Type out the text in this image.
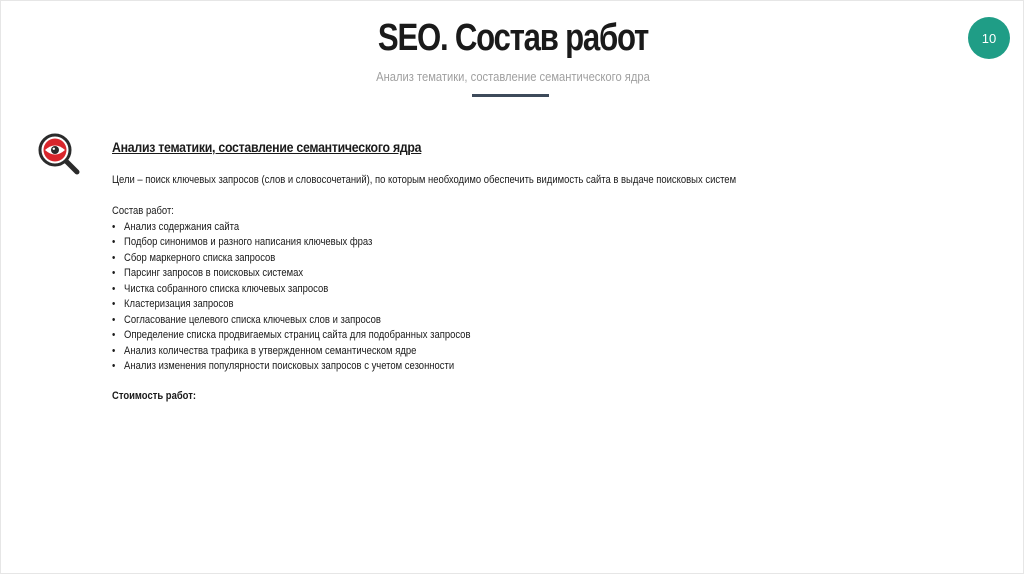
SEO. Состав работ
Анализ тематики, составление семантического ядра
10
Анализ тематики, составление семантического ядра
Цели – поиск ключевых запросов (слов и словосочетаний), по которым необходимо обеспечить видимость сайта в выдаче поисковых систем
Состав работ:
• Анализ содержания сайта
• Подбор синонимов и разного написания ключевых фраз
• Сбор маркерного списка запросов
• Парсинг запросов в поисковых системах
• Чистка собранного списка ключевых запросов
• Кластеризация запросов
• Согласование целевого списка ключевых слов и запросов
• Определение списка продвигаемых страниц сайта для подобранных запросов
• Анализ количества трафика в утвержденном семантическом ядре
• Анализ изменения популярности поисковых запросов с учетом сезонности
Стоимость работ:
